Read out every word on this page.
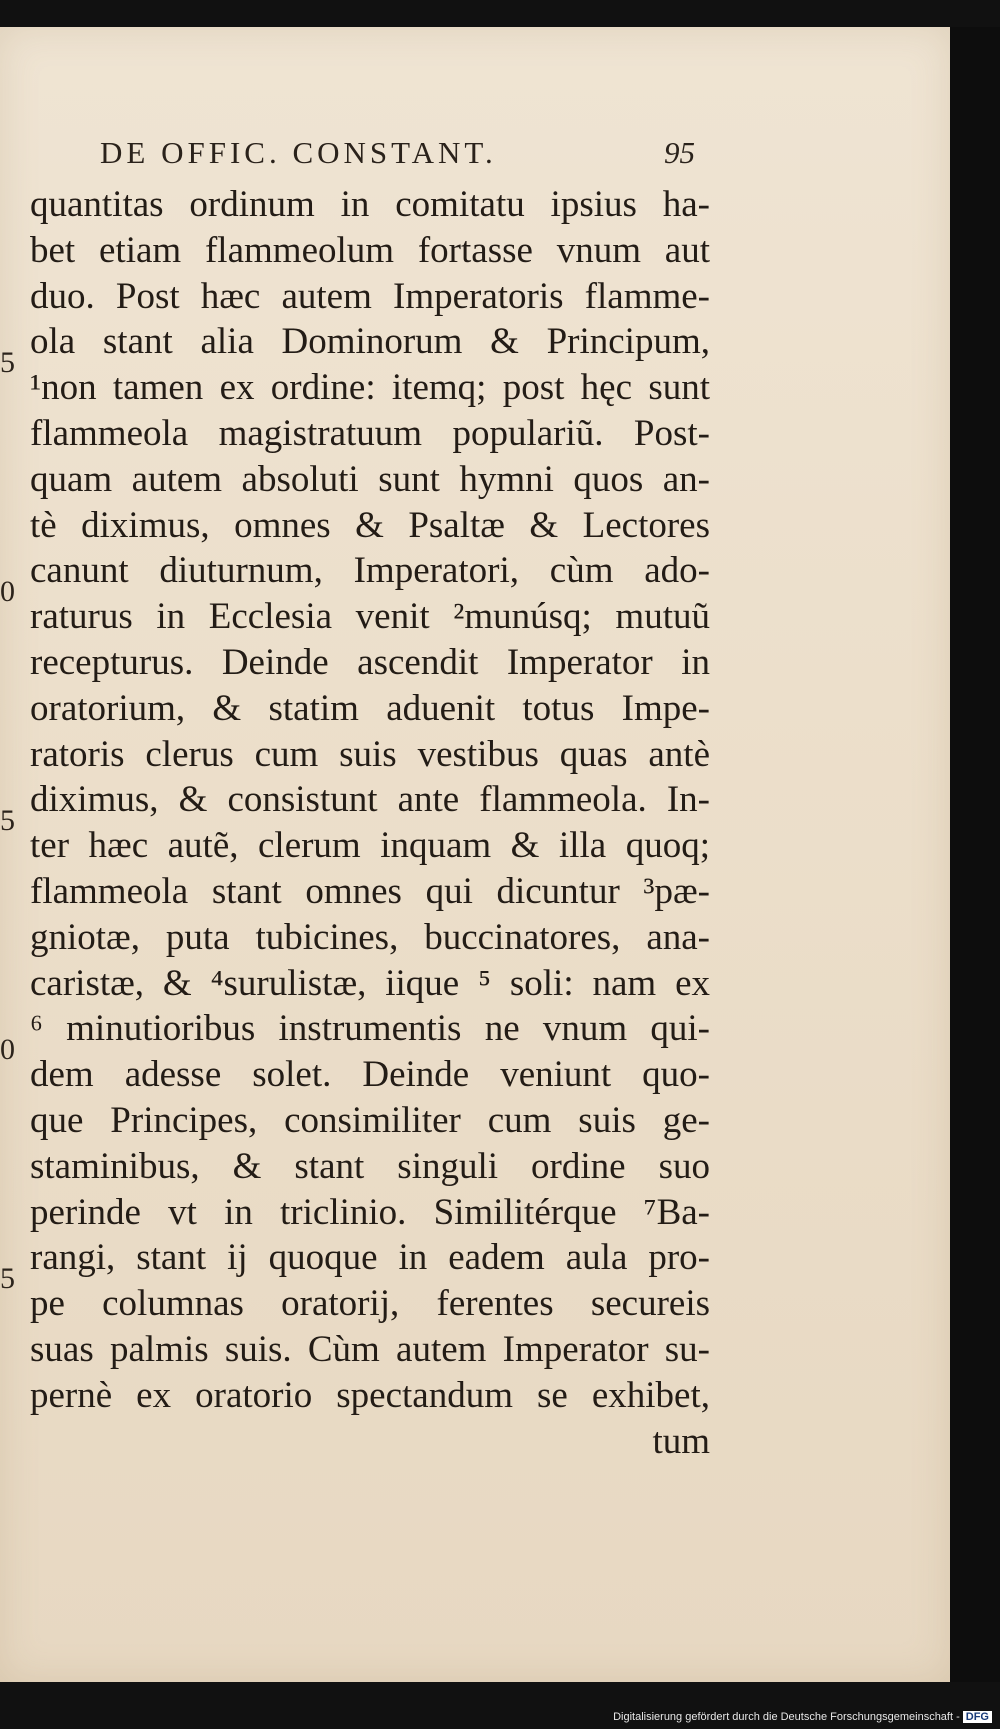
DE OFFIC. CONSTANT.	95
5
0
5
0
5
quantitas ordinum in comitatu ipsius ha-
bet etiam flammeolum fortasse vnum aut
duo. Post hæc autem Imperatoris flamme-
ola stant alia Dominorum & Principum,
¹non tamen ex ordine: itemq; post hęc sunt
flammeola magistratuum populariũ. Post-
quam autem absoluti sunt hymni quos an-
tè diximus, omnes & Psaltæ & Lectores
canunt diuturnum, Imperatori, cùm ado-
raturus in Ecclesia venit ²munúsq; mutuũ
recepturus. Deinde ascendit Imperator in
oratorium, & statim aduenit totus Impe-
ratoris clerus cum suis vestibus quas antè
diximus, & consistunt ante flammeola. In-
ter hæc autẽ, clerum inquam & illa quoq;
flammeola stant omnes qui dicuntur ³pæ-
gniotæ, puta tubicines, buccinatores, ana-
caristæ, & ⁴surulistæ, iique ⁵ soli: nam ex
⁶ minutioribus instrumentis ne vnum qui-
dem adesse solet. Deinde veniunt quo-
que Principes, consimiliter cum suis ge-
staminibus, & stant singuli ordine suo
perinde vt in triclinio. Similitérque ⁷Ba-
rangi, stant ij quoque in eadem aula pro-
pe columnas oratorij, ferentes secureis
suas palmis suis. Cùm autem Imperator su-
pernè ex oratorio spectandum se exhibet,
tum
Digitalisierung gefördert durch die Deutsche Forschungsgemeinschaft - DFG
